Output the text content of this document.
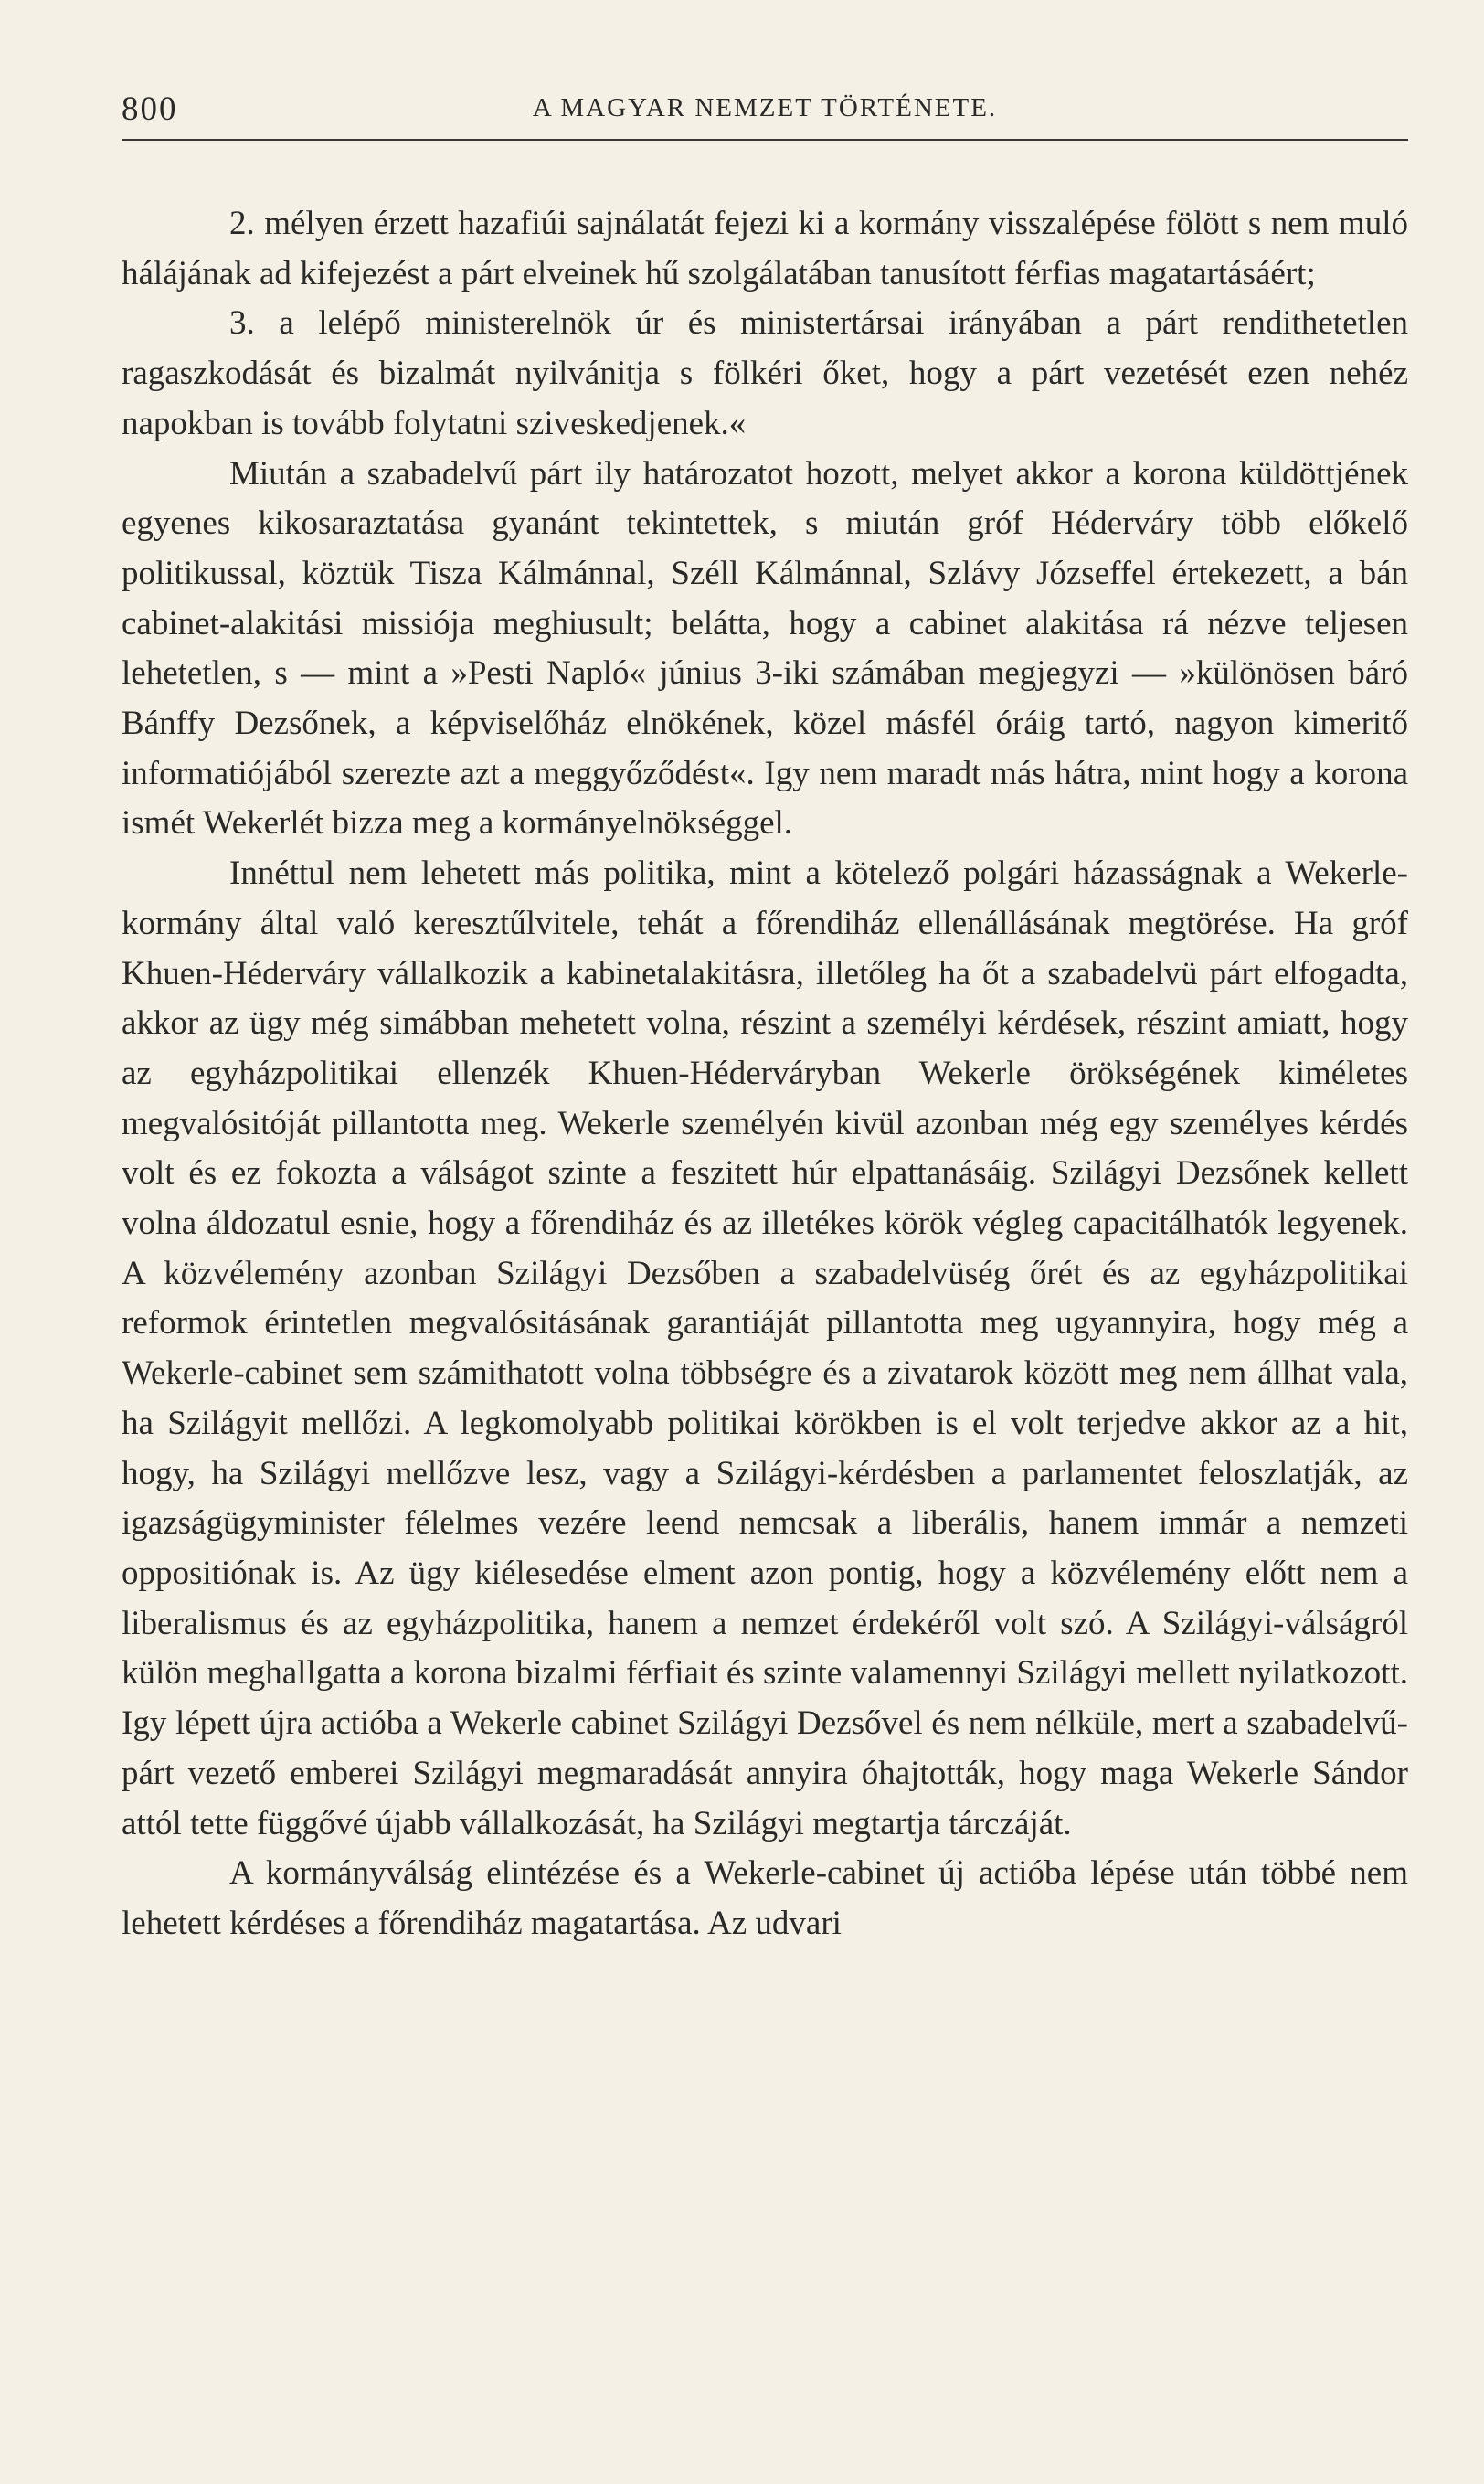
800	A MAGYAR NEMZET TÖRTÉNETE.

2. mélyen érzett hazafiúi sajnálatát fejezi ki a kormány visszalépése fölött s nem muló hálájának ad kifejezést a párt elveinek hű szolgálatában tanusított férfias magatartásáért;

3. a lelépő ministerelnök úr és ministertársai irányában a párt rendithetetlen ragaszkodását és bizalmát nyilvánitja s fölkéri őket, hogy a párt vezetését ezen nehéz napokban is tovább folytatni sziveskedjenek.«

Miután a szabadelvű párt ily határozatot hozott, melyet akkor a korona küldöttjének egyenes kikosaraztatása gyanánt tekintettek, s miután gróf Héderváry több előkelő politikussal, köztük Tisza Kálmánnal, Széll Kálmánnal, Szlávy Józseffel értekezett, a bán cabinet-alakitási missiója meghiusult; belátta, hogy a cabinet alakitása rá nézve teljesen lehetetlen, s — mint a »Pesti Napló« június 3-iki számában megjegyzi — »különösen báró Bánffy Dezsőnek, a képviselőház elnökének, közel másfél óráig tartó, nagyon kimeritő informatiójából szerezte azt a meggyőződést«. Igy nem maradt más hátra, mint hogy a korona ismét Wekerlét bizza meg a kormányelnökséggel.

Innéttul nem lehetett más politika, mint a kötelező polgári házasságnak a Wekerle-kormány által való keresztűlvitele, tehát a főrendiház ellenállásának megtörése. Ha gróf Khuen-Héderváry vállalkozik a kabinetalakitásra, illetőleg ha őt a szabadelvü párt elfogadta, akkor az ügy még simábban mehetett volna, részint a személyi kérdések, részint amiatt, hogy az egyházpolitikai ellenzék Khuen-Héderváryban Wekerle örökségének kiméletes megvalósitóját pillantotta meg. Wekerle személyén kivül azonban még egy személyes kérdés volt és ez fokozta a válságot szinte a feszitett húr elpattanásáig. Szilágyi Dezsőnek kellett volna áldozatul esnie, hogy a főrendiház és az illetékes körök végleg capacitálhatók legyenek. A közvélemény azonban Szilágyi Dezsőben a szabadelvüség őrét és az egyházpolitikai reformok érintetlen megvalósitásának garantiáját pillantotta meg ugyannyira, hogy még a Wekerle-cabinet sem számithatott volna többségre és a zivatarok között meg nem állhat vala, ha Szilágyit mellőzi. A legkomolyabb politikai körökben is el volt terjedve akkor az a hit, hogy, ha Szilágyi mellőzve lesz, vagy a Szilágyi-kérdésben a parlamentet feloszlatják, az igazságügyminister félelmes vezére leend nemcsak a liberális, hanem immár a nemzeti oppositiónak is. Az ügy kiélesedése elment azon pontig, hogy a közvélemény előtt nem a liberalismus és az egyházpolitika, hanem a nemzet érdekéről volt szó. A Szilágyi-válságról külön meghallgatta a korona bizalmi férfiait és szinte valamennyi Szilágyi mellett nyilatkozott. Igy lépett újra actióba a Wekerle cabinet Szilágyi Dezsővel és nem nélküle, mert a szabadelvű-párt vezető emberei Szilágyi megmaradását annyira óhajtották, hogy maga Wekerle Sándor attól tette függővé újabb vállalkozását, ha Szilágyi megtartja tárczáját.

A kormányválság elintézése és a Wekerle-cabinet új actióba lépése után többé nem lehetett kérdéses a főrendiház magatartása. Az udvari
